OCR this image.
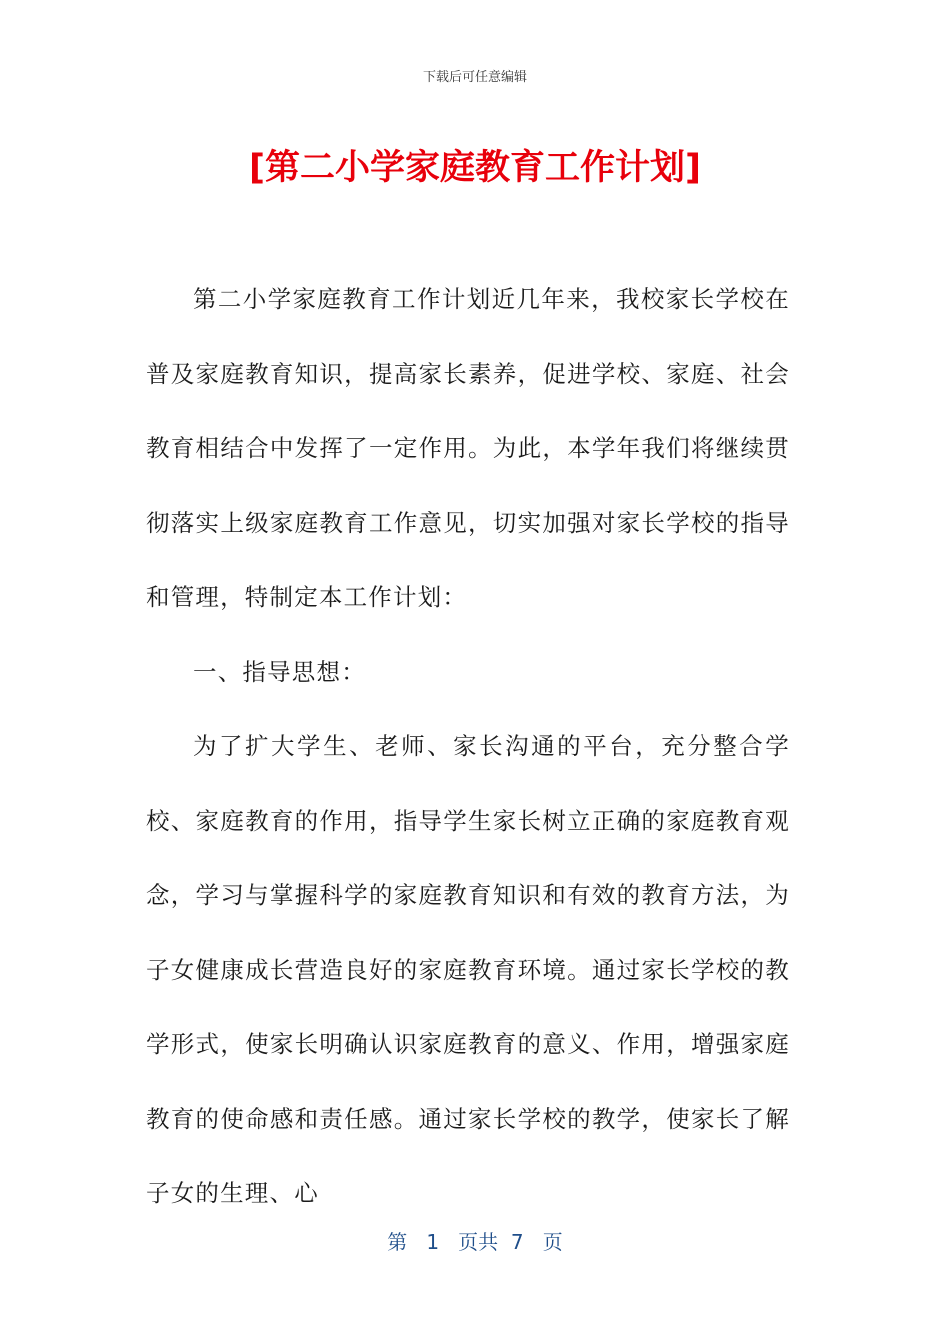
下载后可任意编辑
[第二小学家庭教育工作计划]

第二小学家庭教育工作计划近几年来，我校家长学校在普及家庭教育知识，提高家长素养，促进学校、家庭、社会教育相结合中发挥了一定作用。为此，本学年我们将继续贯彻落实上级家庭教育工作意见，切实加强对家长学校的指导和管理，特制定本工作计划：

一、指导思想：

为了扩大学生、老师、家长沟通的平台，充分整合学校、家庭教育的作用，指导学生家长树立正确的家庭教育观念，学习与掌握科学的家庭教育知识和有效的教育方法，为子女健康成长营造良好的家庭教育环境。通过家长学校的教学形式，使家长明确认识家庭教育的意义、作用，增强家庭教育的使命感和责任感。通过家长学校的教学，使家长了解子女的生理、心

第 1 页共 7 页
